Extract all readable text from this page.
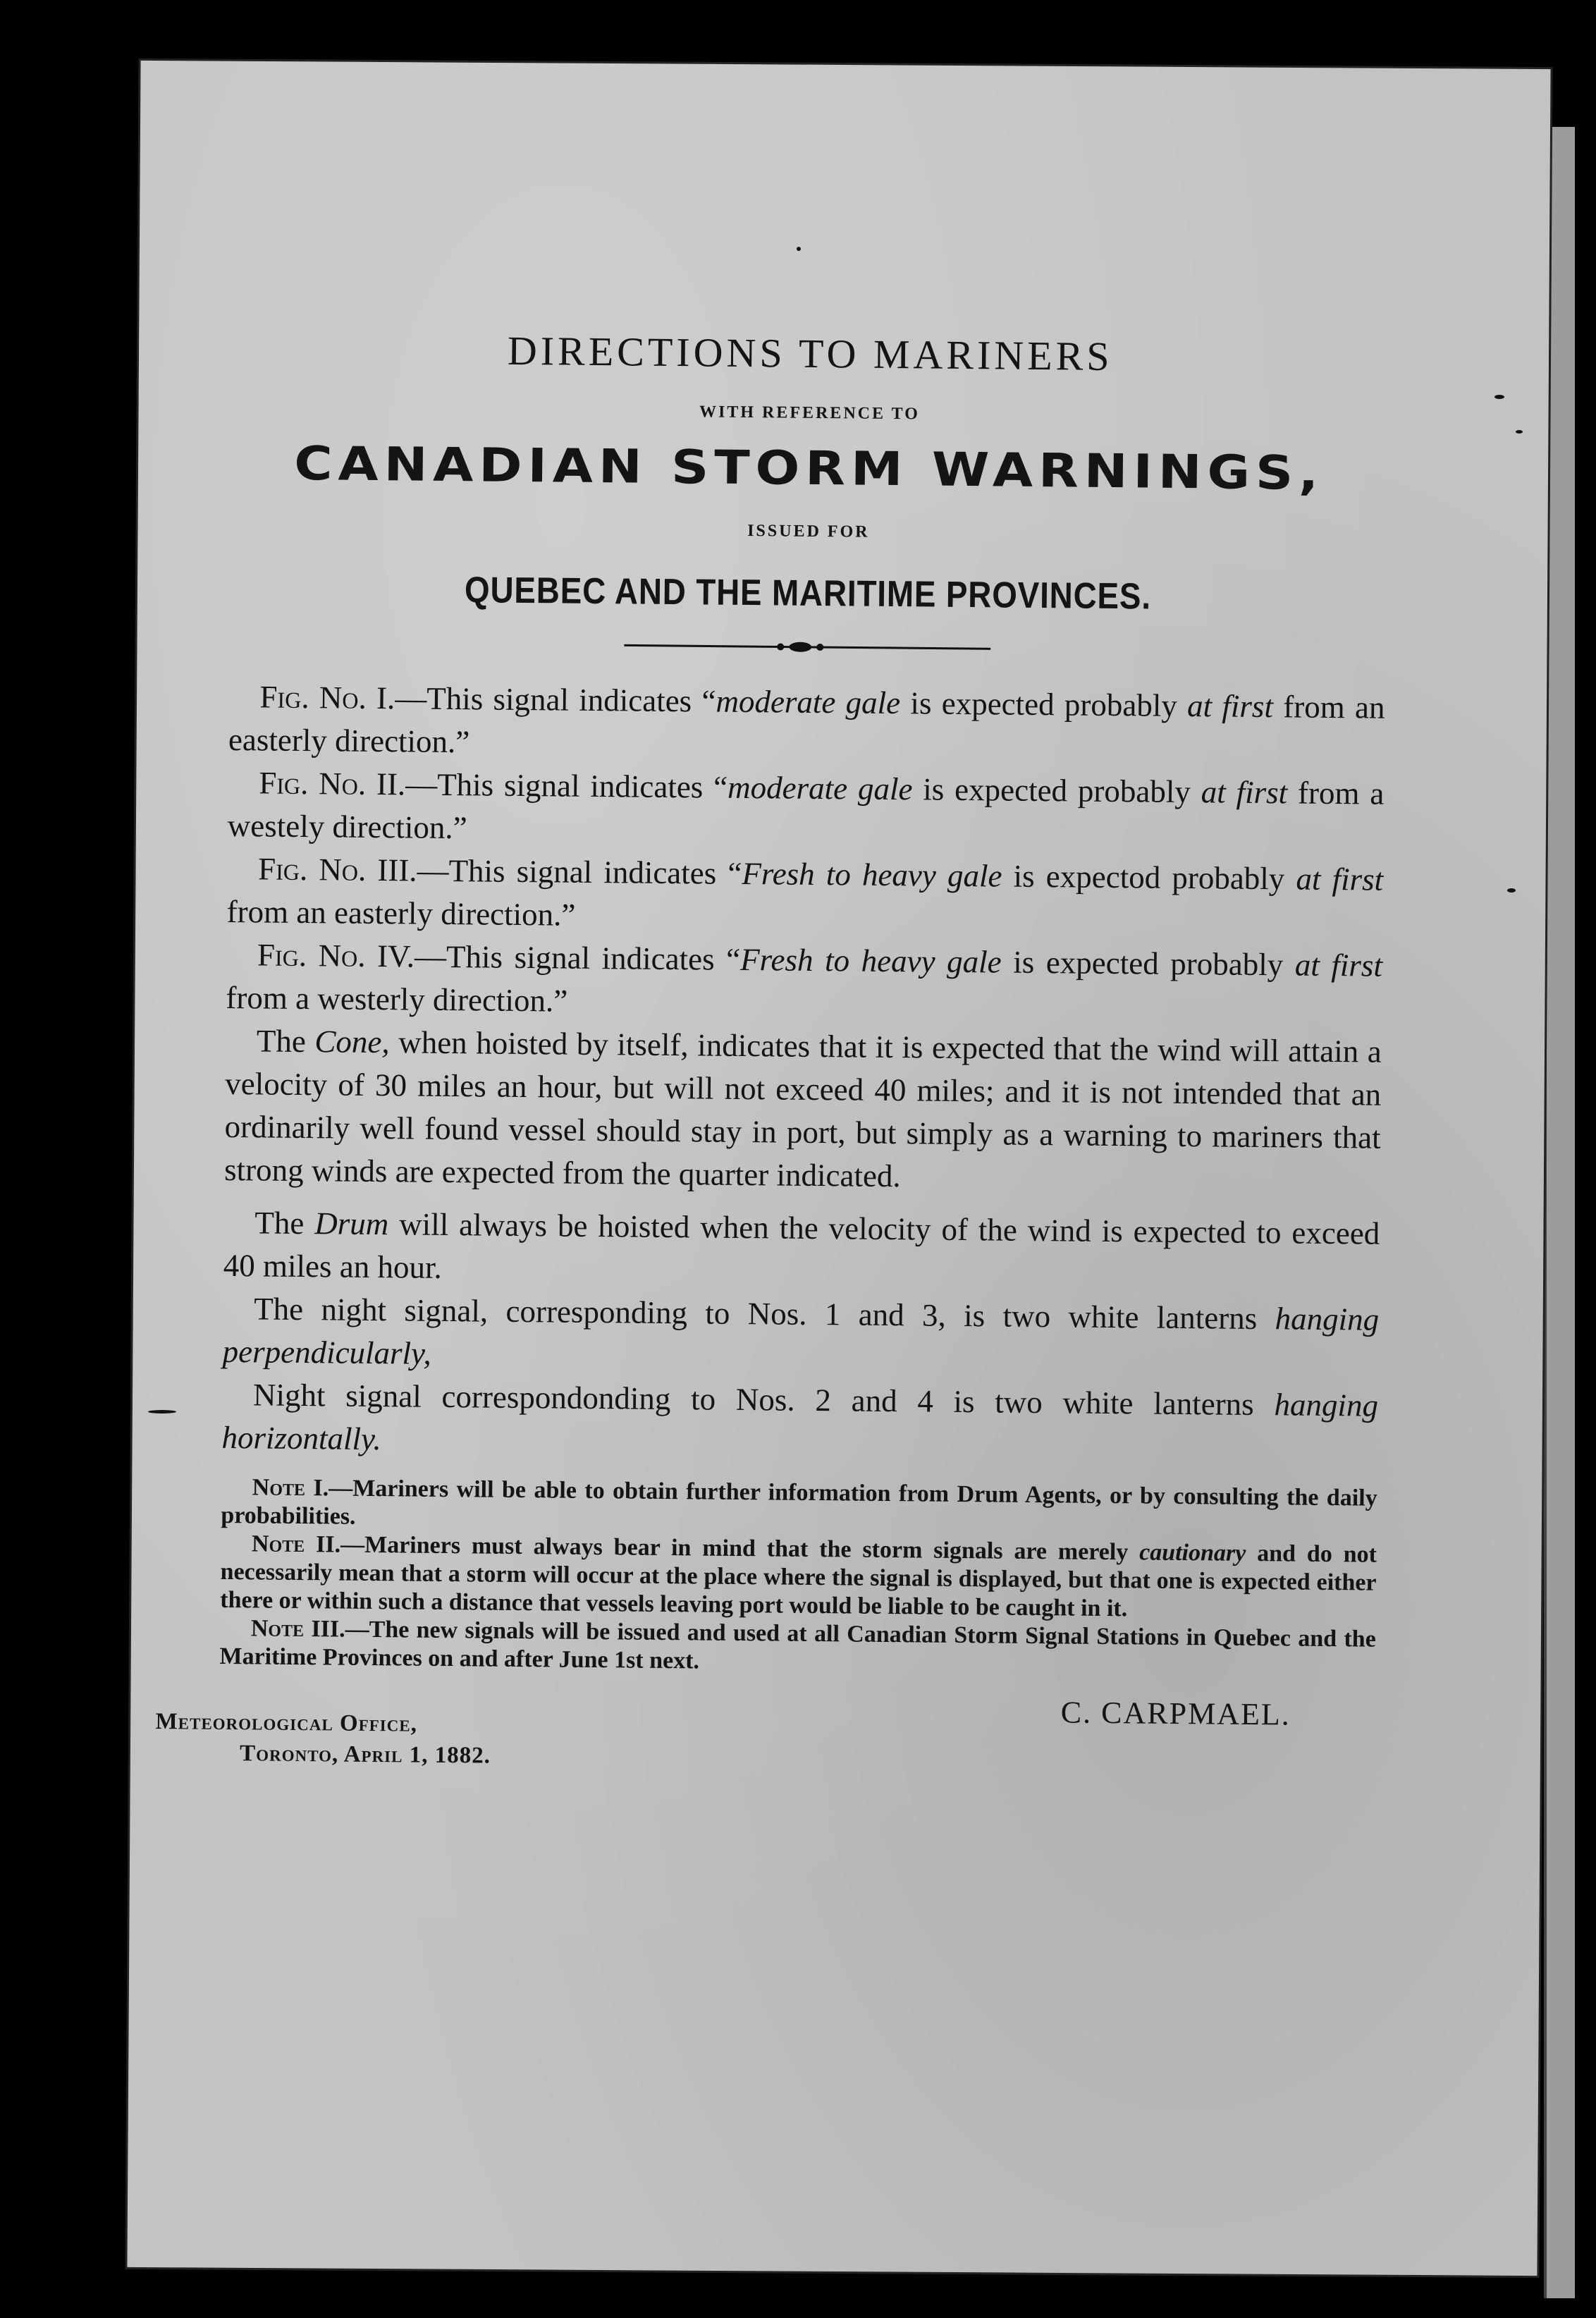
DIRECTIONS TO MARINERS
WITH REFERENCE TO
CANADIAN STORM WARNINGS,
ISSUED FOR
QUEBEC AND THE MARITIME PROVINCES.

Fig. No. I.—This signal indicates “moderate gale is expected probably at first from an easterly direction.”

Fig. No. II.—This signal indicates “moderate gale is expected probably at first from a westely direction.”

Fig. No. III.—This signal indicates “Fresh to heavy gale is expectod probably at first from an easterly direction.”

Fig. No. IV.—This signal indicates “Fresh to heavy gale is expected probably at first from a westerly direction.”

The Cone, when hoisted by itself, indicates that it is expected that the wind will attain a velocity of 30 miles an hour, but will not exceed 40 miles; and it is not intended that an ordinarily well found vessel should stay in port, but simply as a warning to mariners that strong winds are expected from the quarter indicated.

The Drum will always be hoisted when the velocity of the wind is expected to exceed 40 miles an hour.

The night signal, corresponding to Nos. 1 and 3, is two white lanterns hanging perpendicularly,

Night signal correspondonding to Nos. 2 and 4 is two white lanterns hanging horizontally.

Note I.—Mariners will be able to obtain further information from Drum Agents, or by consulting the daily probabilities.

Note II.—Mariners must always bear in mind that the storm signals are merely cautionary and do not necessarily mean that a storm will occur at the place where the signal is displayed, but that one is expected either there or within such a distance that vessels leaving port would be liable to be caught in it.

Note III.—The new signals will be issued and used at all Canadian Storm Signal Stations in Quebec and the Maritime Provinces on and after June 1st next.

C. CARPMAEL.
Meteorological Office,
Toronto, April 1, 1882.
